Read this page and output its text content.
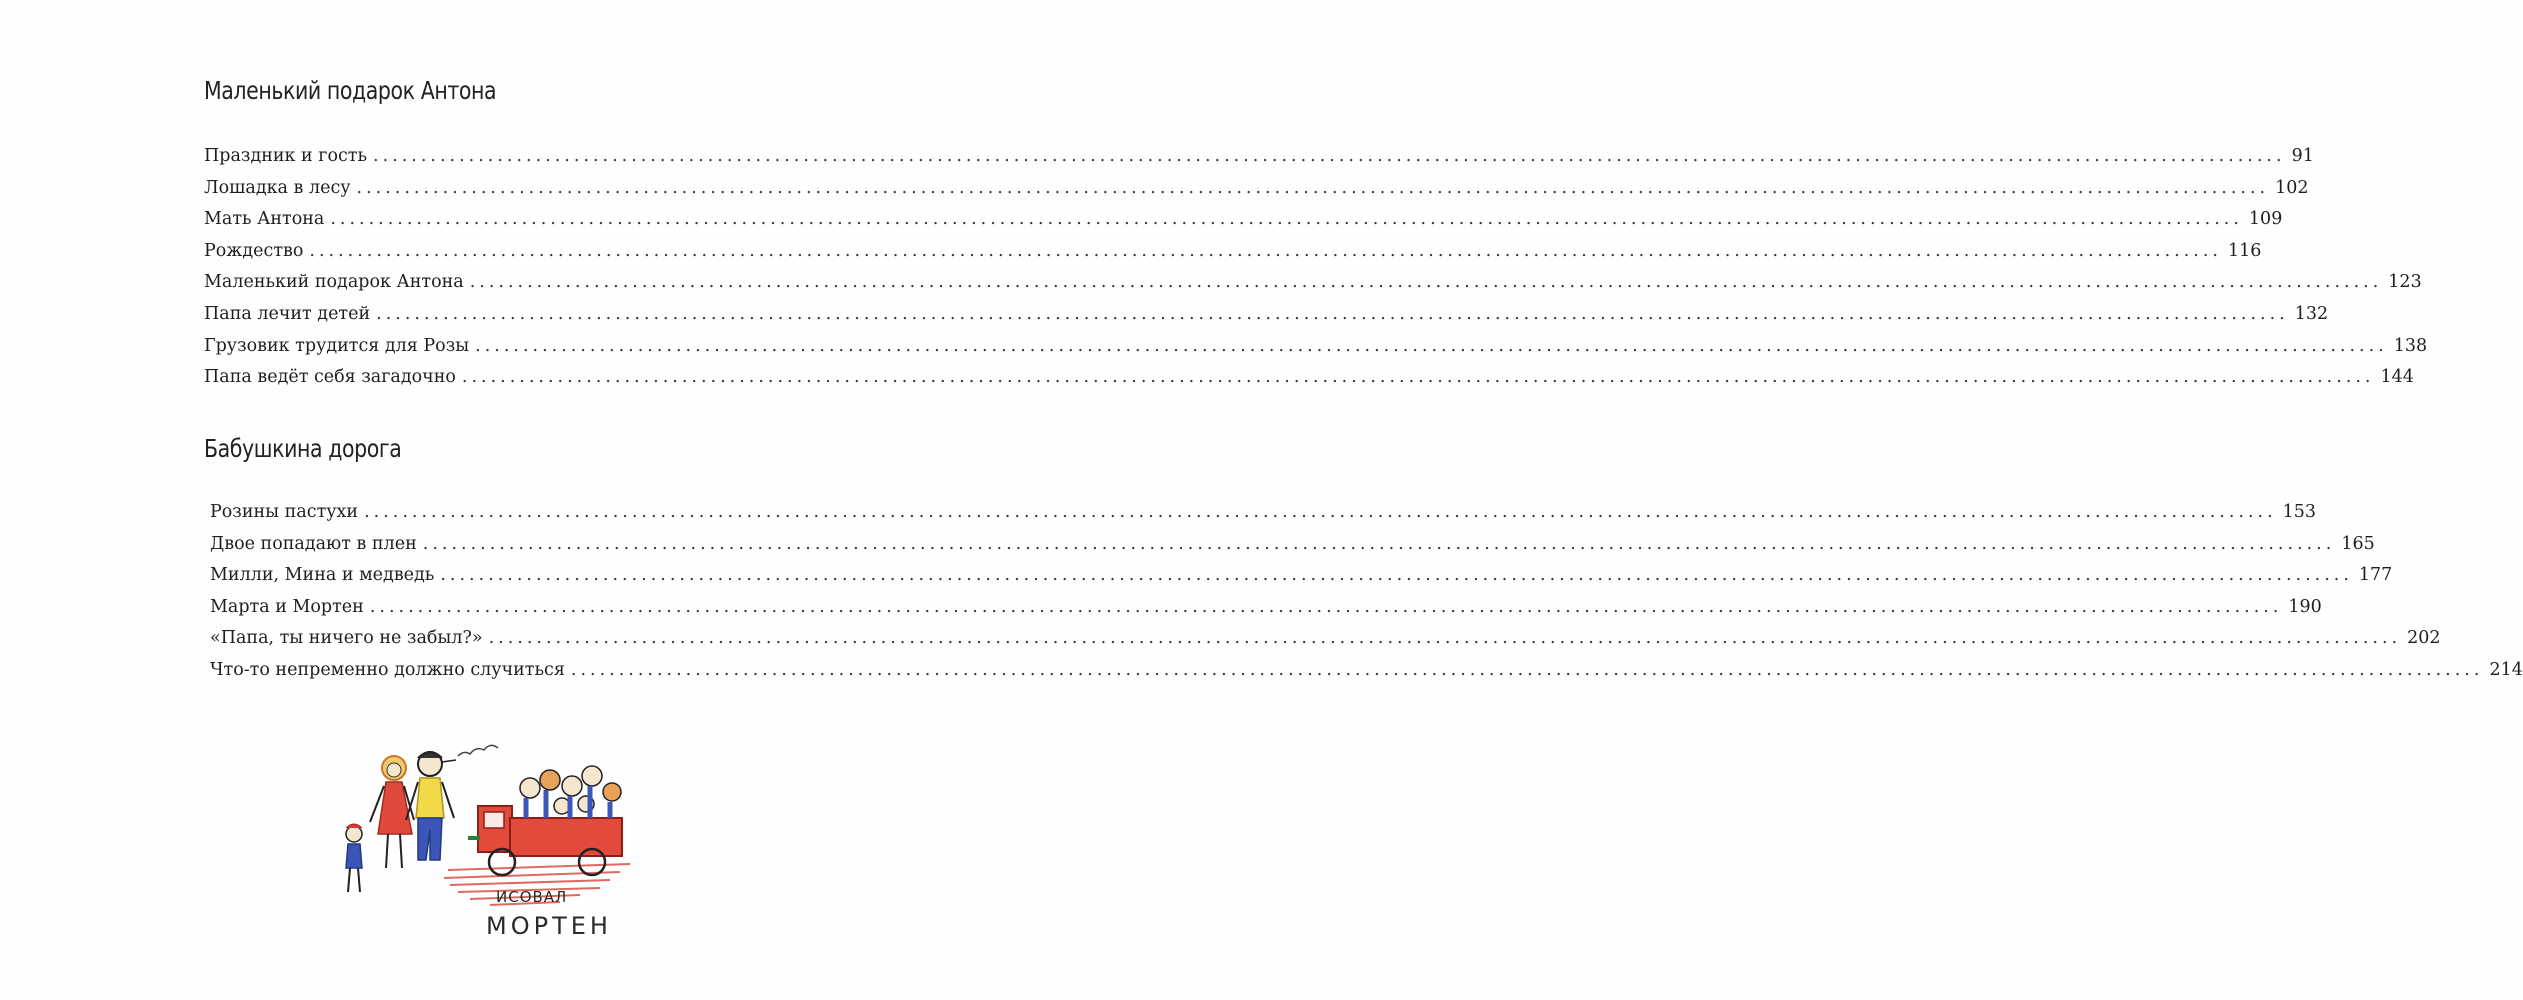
Маленький подарок Антона
Праздник и гость ........................................................................................................................................................................................................ 91
Лошадка в лесу ........................................................................................................................................................................................................ 102
Мать Антона ........................................................................................................................................................................................................ 109
Рождество ........................................................................................................................................................................................................ 116
Маленький подарок Антона ........................................................................................................................................................................................................ 123
Папа лечит детей ........................................................................................................................................................................................................ 132
Грузовик трудится для Розы ........................................................................................................................................................................................................ 138
Папа ведёт себя загадочно ........................................................................................................................................................................................................ 144
Бабушкина дорога
Розины пастухи ........................................................................................................................................................................................................ 153
Двое попадают в плен ........................................................................................................................................................................................................ 165
Милли, Мина и медведь ........................................................................................................................................................................................................ 177
Марта и Мортен ........................................................................................................................................................................................................ 190
«Папа, ты ничего не забыл?» ........................................................................................................................................................................................................ 202
Что-то непременно должно случиться ........................................................................................................................................................................................................ 214
ИСОВАЛ
МОРТЕН
